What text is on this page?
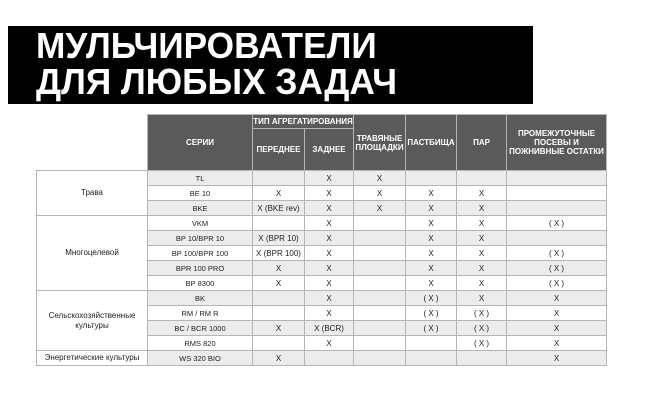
МУЛЬЧИРОВАТЕЛИ
ДЛЯ ЛЮБЫХ ЗАДАЧ
	СЕРИИ	ТИП АГРЕГАТИРОВАНИЯ		ТРАВЯНЫЕ ПЛОЩАДКИ	ПАСТБИЩА	ПАР	ПРОМЕЖУТОЧНЫЕ ПОСЕВЫ И ПОЖНИВНЫЕ ОСТАТКИ
		ПЕРЕДНЕЕ	ЗАДНЕЕ				
Трава	TL		X	X			
	BE 10	X	X	X	X	X	
	BKE	X (BKE rev)	X	X	X	X	
Многоцелевой	VKM		X		X	X	( X )
	BP 10/BPR 10	X (BPR 10)	X		X	X	
	BP 100/BPR 100	X (BPR 100)	X		X	X	( X )
	BPR 100 PRO	X	X		X	X	( X )
	BP 8300	X	X		X	X	( X )
Сельскохозяйственные культуры	BK		X		( X )	X	X
	RM / RM R		X		( X )	( X )	X
	BC / BCR 1000	X	X (BCR)		( X )	( X )	X
	RMS 820		X			( X )	X
Энергетические культуры	WS 320 BIO	X					X
